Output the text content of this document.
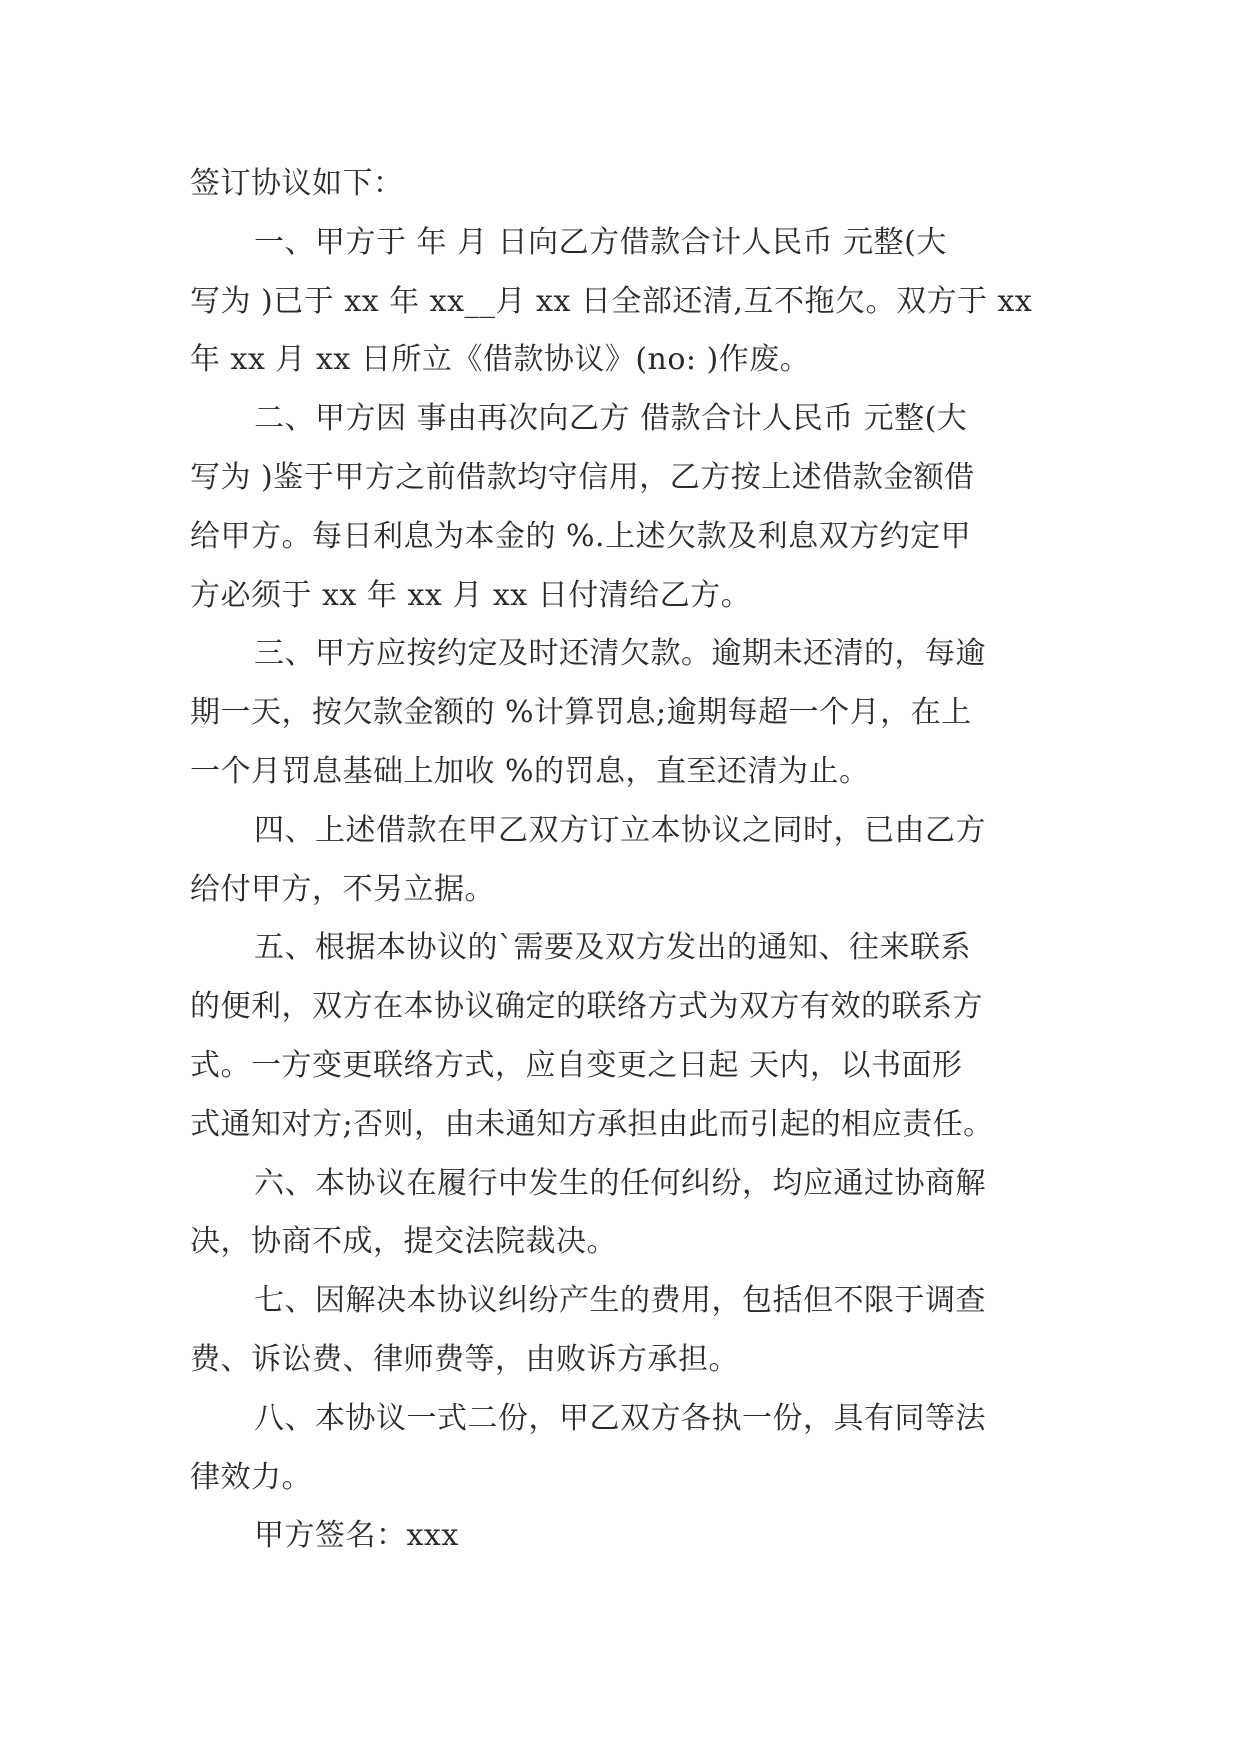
签订协议如下：
一、甲方于 年 月 日向乙方借款合计人民币 元整(大
写为 )已于 xx 年 xx__月 xx 日全部还清,互不拖欠。双方于 xx
年 xx 月 xx 日所立《借款协议》(no: )作废。
二、甲方因 事由再次向乙方 借款合计人民币 元整(大
写为 )鉴于甲方之前借款均守信用，乙方按上述借款金额借
给甲方。每日利息为本金的 %.上述欠款及利息双方约定甲
方必须于 xx 年 xx 月 xx 日付清给乙方。
三、甲方应按约定及时还清欠款。逾期未还清的，每逾
期一天，按欠款金额的 %计算罚息;逾期每超一个月，在上
一个月罚息基础上加收 %的罚息，直至还清为止。
四、上述借款在甲乙双方订立本协议之同时，已由乙方
给付甲方，不另立据。
五、根据本协议的`需要及双方发出的通知、往来联系
的便利，双方在本协议确定的联络方式为双方有效的联系方
式。一方变更联络方式，应自变更之日起 天内，以书面形
式通知对方;否则，由未通知方承担由此而引起的相应责任。
六、本协议在履行中发生的任何纠纷，均应通过协商解
决，协商不成，提交法院裁决。
七、因解决本协议纠纷产生的费用，包括但不限于调查
费、诉讼费、律师费等，由败诉方承担。
八、本协议一式二份，甲乙双方各执一份，具有同等法
律效力。
甲方签名：xxx
